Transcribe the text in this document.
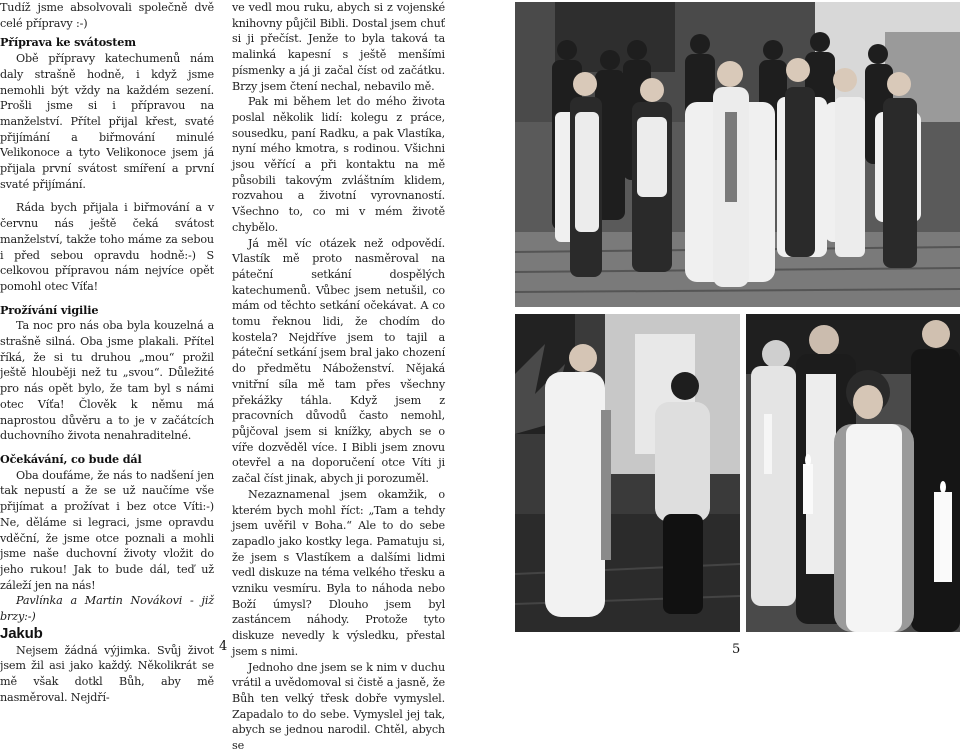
Tudíž jsme absolvovali společně dvě celé přípravy :-)

Příprava ke svátostem

Obě přípravy katechumenů nám daly strašně hodně, i když jsme nemohli být vždy na každém sezení. Prošli jsme si i přípravou na manželství. Přítel přijal křest, svaté přijímání a biřmování minulé Velikonoce a tyto Velikonoce jsem já přijala první svátost smíření a první svaté přijímání.

Ráda bych přijala i biřmování a v červnu nás ještě čeká svátost manželství, takže toho máme za sebou i před sebou opravdu hodně:-) S celkovou přípravou nám nejvíce opět pomohl otec Víťa!

Prožívání vigilie

Ta noc pro nás oba byla kouzelná a strašně silná. Oba jsme plakali. Přítel říká, že si tu druhou „mou“ prožil ještě hlouběji než tu „svou“. Důležité pro nás opět bylo, že tam byl s námi otec Víťa! Člověk k němu má naprostou důvěru a to je v začátcích duchovního života nenahraditelné.

Očekávání, co bude dál

Oba doufáme, že nás to nadšení jen tak nepustí a že se už naučíme vše přijímat a prožívat i bez otce Víti:-) Ne, děláme si legraci, jsme opravdu vděční, že jsme otce poznali a mohli jsme naše duchovní životy vložit do jeho rukou! Jak to bude dál, teď už záleží jen na nás!

Pavlínka a Martin Novákovi - již brzy:-)

Jakub

Nejsem žádná výjimka. Svůj život jsem žil asi jako každý. Několikrát se mě však dotkl Bůh, aby mě nasměroval. Nejdří-

ve vedl mou ruku, abych si z vojenské knihovny půjčil Bibli. Dostal jsem chuť si ji přečíst. Jenže to byla taková ta malinká kapesní s ještě menšími písmenky a já ji začal číst od začátku. Brzy jsem čtení nechal, nebavilo mě.

Pak mi během let do mého života poslal několik lidí: kolegu z práce, sousedku, paní Radku, a pak Vlastíka, nyní mého kmotra, s rodinou. Všichni jsou věřící a při kontaktu na mě působili takovým zvláštním klidem, rozvahou a životní vyrovnaností. Všechno to, co mi v mém životě chybělo.

Já měl víc otázek než odpovědí. Vlastík mě proto nasměroval na páteční setkání dospělých katechumenů. Vůbec jsem netušil, co mám od těchto setkání očekávat. A co tomu řeknou lidi, že chodím do kostela? Nejdříve jsem to tajil a páteční setkání jsem bral jako chození do předmětu Náboženství. Nějaká vnitřní síla mě tam přes všechny překážky táhla. Když jsem z pracovních důvodů často nemohl, půjčoval jsem si knížky, abych se o víře dozvěděl více. I Bibli jsem znovu otevřel a na doporučení otce Víti ji začal číst jinak, abych ji porozuměl.

Nezaznamenal jsem okamžik, o kterém bych mohl říct: „Tam a tehdy jsem uvěřil v Boha.“ Ale to do sebe zapadlo jako kostky lega. Pamatuju si, že jsem s Vlastíkem a dalšími lidmi vedl diskuze na téma velkého třesku a vzniku vesmíru. Byla to náhoda nebo Boží úmysl? Dlouho jsem byl zastáncem náhody. Protože tyto diskuze nevedly k výsledku, přestal jsem s nimi.

Jednoho dne jsem se k nim v duchu vrátil a uvědomoval si čistě a jasně, že Bůh ten velký třesk dobře vymyslel. Zapadalo to do sebe. Vymyslel jej tak, abych se jednou narodil. Chtěl, abych se

4	5
